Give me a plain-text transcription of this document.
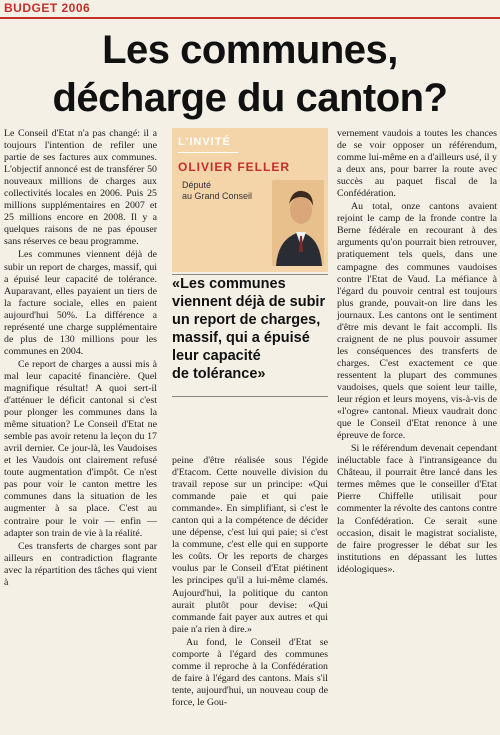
BUDGET 2006
Les communes,
décharge du canton?

Le Conseil d'Etat n'a pas changé: il a toujours l'intention de refiler une partie de ses factures aux communes. L'objectif annoncé est de transférer 50 nouveaux millions de charges aux collectivités locales en 2006. Puis 25 millions supplémentaires en 2007 et 25 millions encore en 2008. Il y a quelques raisons de ne pas épouser sans réserves ce beau programme.

Les communes viennent déjà de subir un report de charges, massif, qui a épuisé leur capacité de tolérance. Auparavant, elles payaient un tiers de la facture sociale, elles en paient aujourd'hui 50%. La différence a représenté une charge supplémentaire de plus de 130 millions pour les communes en 2004.

Ce report de charges a aussi mis à mal leur capacité financière. Quel magnifique résultat! A quoi sert-il d'atténuer le déficit cantonal si c'est pour plonger les communes dans la même situation? Le Conseil d'Etat ne semble pas avoir retenu la leçon du 17 avril dernier. Ce jour-là, les Vaudoises et les Vaudois ont clairement refusé toute augmentation d'impôt. Ce n'est pas pour voir le canton mettre les communes dans la situation de les augmenter à sa place. C'est au contraire pour le voir — enfin — adapter son train de vie à la réalité.

Ces transferts de charges sont par ailleurs en contradiction flagrante avec la répartition des tâches qui vient à

L'INVITÉ
OLIVIER FELLER
Député
au Grand Conseil
«Les communes
viennent déjà de subir
un report de charges,
massif, qui a épuisé
leur capacité
de tolérance»

peine d'être réalisée sous l'égide d'Etacom. Cette nouvelle division du travail repose sur un principe: «Qui commande paie et qui paie commande». En simplifiant, si c'est le canton qui a la compétence de décider une dépense, c'est lui qui paie; si c'est la commune, c'est elle qui en supporte les coûts. Or les reports de charges voulus par le Conseil d'Etat piétinent les principes qu'il a lui-même clamés. Aujourd'hui, la politique du canton aurait plutôt pour devise: «Qui commande fait payer aux autres et qui paie n'a rien à dire.»

Au fond, le Conseil d'Etat se comporte à l'égard des communes comme il reproche à la Confédération de faire à l'égard des cantons. Mais s'il tente, aujourd'hui, un nouveau coup de force, le Gou-

vernement vaudois a toutes les chances de se voir opposer un référendum, comme lui-même en a d'ailleurs usé, il y a deux ans, pour barrer la route avec succès au paquet fiscal de la Confédération.

Au total, onze cantons avaient rejoint le camp de la fronde contre la Berne fédérale en recourant à des arguments qu'on pourrait bien retrouver, pratiquement tels quels, dans une campagne des communes vaudoises contre l'Etat de Vaud. La méfiance à l'égard du pouvoir central est toujours plus grande, pouvait-on lire dans les journaux. Les cantons ont le sentiment d'être mis devant le fait accompli. Ils craignent de ne plus pouvoir assumer les conséquences des transferts de charges. C'est exactement ce que ressentent la plupart des communes vaudoises, quels que soient leur taille, leur région et leurs moyens, vis-à-vis de «l'ogre» cantonal. Mieux vaudrait donc que le Conseil d'Etat renonce à une épreuve de force.

Si le référendum devenait cependant inéluctable face à l'intransigeance du Château, il pourrait être lancé dans les termes mêmes que le conseiller d'Etat Pierre Chiffelle utilisait pour commenter la révolte des cantons contre la Confédération. Ce serait «une occasion, disait le magistrat socialiste, de faire progresser le débat sur les institutions en dépassant les luttes idéologiques».
